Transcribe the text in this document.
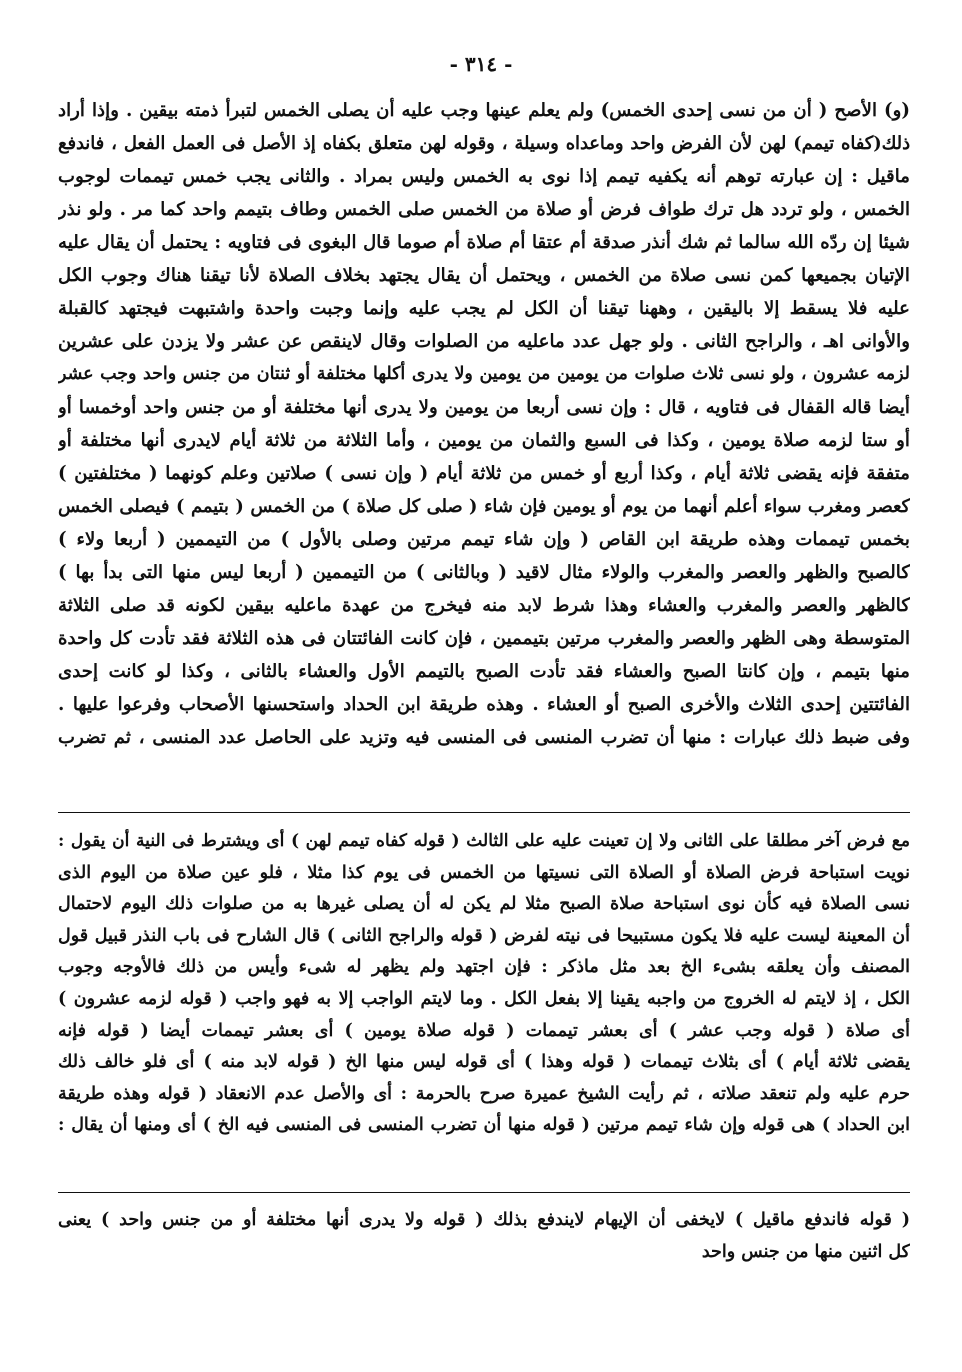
- ٣١٤ -
(و) الأصح ( أن من نسى إحدى الخمس) ولم يعلم عينها وجب عليه أن يصلى الخمس لتبرأ ذمته بيقين . وإذا أراد
ذلك(كفاه تيمم) لهن لأن الفرض واحد وماعداه وسيلة ، وقوله لهن متعلق بكفاه إذ الأصل فى العمل الفعل ، فاندفع
ماقيل : إن عبارته توهم أنه يكفيه تيمم إذا نوى به الخمس وليس بمراد . والثانى يجب خمس تيممات لوجوب
الخمس ، ولو تردد هل ترك طواف فرض أو صلاة من الخمس صلى الخمس وطاف بتيمم واحد كما مر . ولو نذر
شيئا إن ردّه الله سالما ثم شك أنذر صدقة أم عتقا أم صلاة أم صوما قال البغوى فى فتاويه : يحتمل أن يقال عليه
الإتيان بجميعها كمن نسى صلاة من الخمس ، ويحتمل أن يقال يجتهد بخلاف الصلاة لأنا تيقنا هناك وجوب الكل
عليه فلا يسقط إلا باليقين ، وههنا تيقنا أن الكل لم يجب عليه وإنما وجبت واحدة واشتبهت فيجتهد كالقبلة
والأوانى اهـ ، والراجح الثانى . ولو جهل عدد ماعليه من الصلوات وقال لاينقص عن عشر ولا يزدن على عشرين
لزمه عشرون ، ولو نسى ثلاث صلوات من يومين من يومين ولا يدرى أكلها مختلفة أو ثنتان من جنس واحد وجب عشر
أيضا قاله القفال فى فتاويه ، قال : وإن نسى أربعا من يومين ولا يدرى أنها مختلفة أو من جنس واحد أوخمسا أو
أو ستا لزمه صلاة يومين ، وكذا فى السبع والثمان من يومين ، وأما الثلاثة من ثلاثة أيام لايدرى أنها مختلفة أو
متفقة فإنه يقضى ثلاثة أيام ، وكذا أربع أو خمس من ثلاثة أيام ( وإن نسى ) صلاتين وعلم كونهما ( مختلفتين )
كعصر ومغرب سواء أعلم أنهما من يوم أو يومين فإن شاء ( صلى كل صلاة ) من الخمس ( بتيمم ) فيصلى الخمس
بخمس تيممات وهذه طريقة ابن القاص ( وإن شاء تيمم مرتين وصلى بالأول ) من التيممين ( أربعا ولاء )
كالصبح والظهر والعصر والمغرب والولاء مثال لاقيد ( وبالثانى ) من التيممين ( أربعا ليس منها التى بدأ بها )
كالظهر والعصر والمغرب والعشاء وهذا شرط لابد منه فيخرج من عهدة ماعليه بيقين لكونه قد صلى الثلاثة
المتوسطة وهى الظهر والعصر والمغرب مرتين بتيممين ، فإن كانت الفائتتان فى هذه الثلاثة فقد تأدت كل واحدة
منها بتيمم ، وإن كانتا الصبح والعشاء فقد تأدت الصبح بالتيمم الأول والعشاء بالثانى ، وكذا لو كانت إحدى
الفائتتين إحدى الثلاث والأخرى الصبح أو العشاء . وهذه طريقة ابن الحداد واستحسنها الأصحاب وفرعوا عليها .
وفى ضبط ذلك عبارات : منها أن تضرب المنسى فى المنسى فيه وتزيد على الحاصل عدد المنسى ، ثم تضرب
مع فرض آخر مطلقا على الثانى ولا إن تعينت عليه على الثالث ( قوله كفاه تيمم لهن ) أى ويشترط فى النية أن يقول :
نويت استباحة فرض الصلاة أو الصلاة التى نسيتها من الخمس فى يوم كذا مثلا ، فلو عين صلاة من اليوم الذى
نسى الصلاة فيه كأن نوى استباحة صلاة الصبح مثلا لم يكن له أن يصلى غيرها به من صلوات ذلك اليوم لاحتمال
أن المعينة ليست عليه فلا يكون مستبيحا فى نيته لفرض ( قوله والراجح الثانى ) قال الشارح فى باب النذر قبيل قول
المصنف وأن يعلقه بشىء الخ بعد مثل ماذكر : فإن اجتهد ولم يظهر له شىء وأيس من ذلك فالأوجه وجوب
الكل ، إذ لايتم له الخروج من واجبه يقينا إلا بفعل الكل . وما لايتم الواجب إلا به فهو واجب ( قوله لزمه عشرون )
أى صلاة ( قوله وجب عشر ) أى بعشر تيممات ( قوله صلاة يومين ) أى بعشر تيممات أيضا ( قوله فإنه
يقضى ثلاثة أيام ) أى بثلاث تيممات ( قوله وهذا ) أى قوله ليس منها الخ ( قوله لابد منه ) أى فلو خالف ذلك
حرم عليه ولم تنعقد صلاته ، ثم رأيت الشيخ عميرة صرح بالحرمة : أى والأصل عدم الانعقاد ( قوله وهذه طريقة
ابن الحداد ) هى قوله وإن شاء تيمم مرتين ( قوله منها أن تضرب المنسى فى المنسى فيه الخ ) أى ومنها أن يقال :
( قوله فاندفع ماقيل ) لايخفى أن الإيهام لايندفع بذلك ( قوله ولا يدرى أنها مختلفة أو من جنس واحد ) يعنى
كل اثنين منها من جنس واحد
